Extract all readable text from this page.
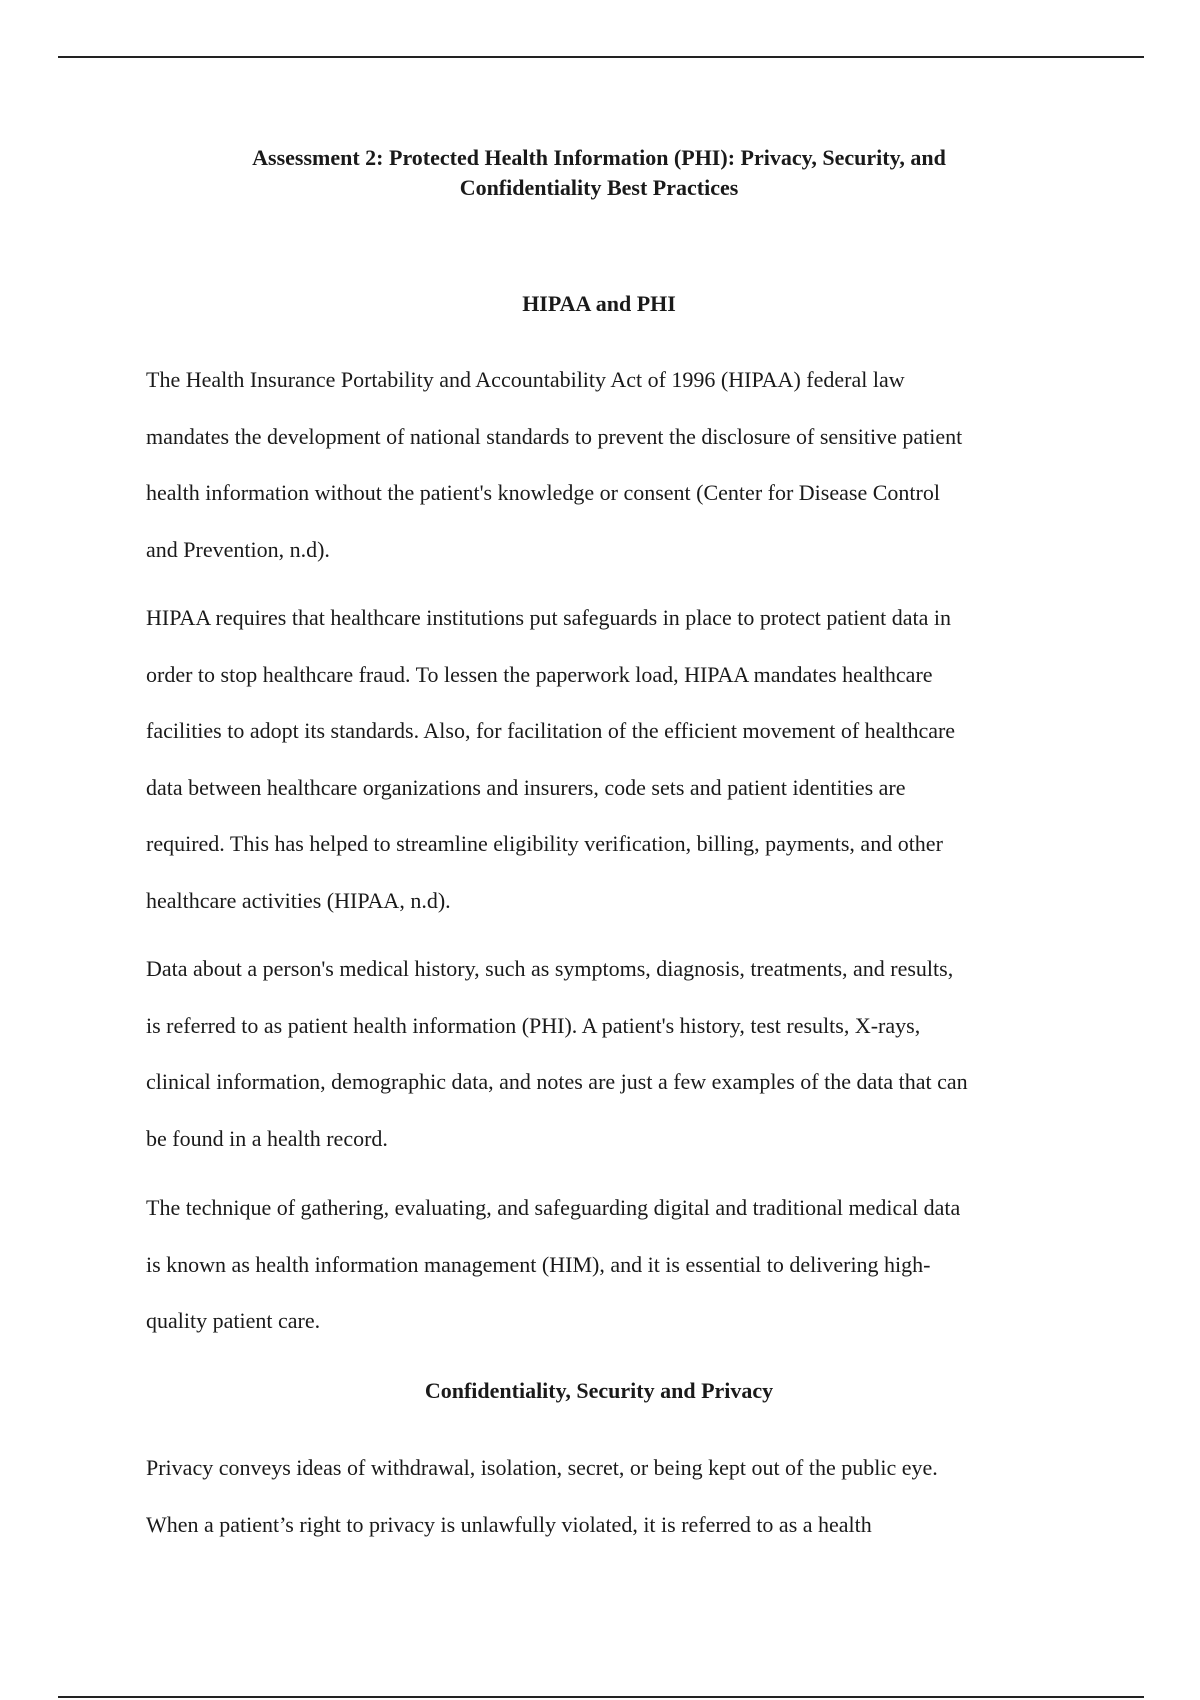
Assessment 2: Protected Health Information (PHI): Privacy, Security, and
Confidentiality Best Practices
HIPAA and PHI

The Health Insurance Portability and Accountability Act of 1996 (HIPAA) federal law
mandates the development of national standards to prevent the disclosure of sensitive patient
health information without the patient's knowledge or consent (Center for Disease Control
and Prevention, n.d).

HIPAA requires that healthcare institutions put safeguards in place to protect patient data in
order to stop healthcare fraud. To lessen the paperwork load, HIPAA mandates healthcare
facilities to adopt its standards. Also, for facilitation of the efficient movement of healthcare
data between healthcare organizations and insurers, code sets and patient identities are
required. This has helped to streamline eligibility verification, billing, payments, and other
healthcare activities (HIPAA, n.d).

Data about a person's medical history, such as symptoms, diagnosis, treatments, and results,
is referred to as patient health information (PHI). A patient's history, test results, X-rays,
clinical information, demographic data, and notes are just a few examples of the data that can
be found in a health record.

The technique of gathering, evaluating, and safeguarding digital and traditional medical data
is known as health information management (HIM), and it is essential to delivering high-
quality patient care.

Confidentiality, Security and Privacy

Privacy conveys ideas of withdrawal, isolation, secret, or being kept out of the public eye.
When a patient’s right to privacy is unlawfully violated, it is referred to as a health
